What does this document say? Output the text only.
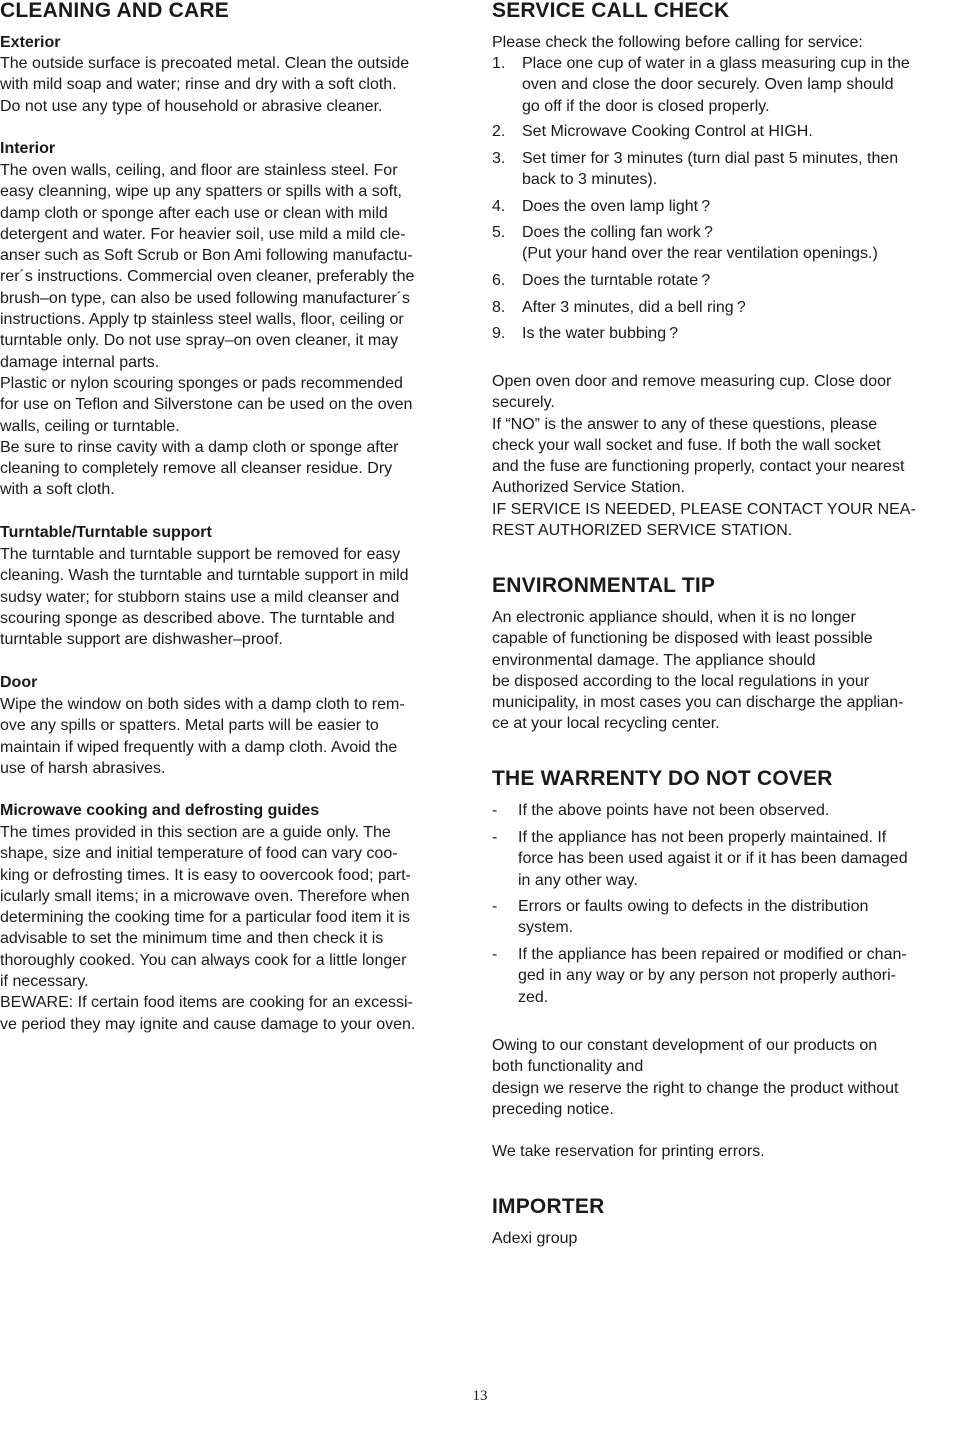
CLEANING AND CARE
Exterior
The outside surface is precoated metal. Clean the outside
with mild soap and water; rinse and dry with a soft cloth.
Do not use any type of household or abrasive cleaner.
Interior
The oven walls, ceiling, and floor are stainless steel. For
easy cleanning, wipe up any spatters or spills with a soft,
damp cloth or sponge after each use or clean with mild
detergent and water. For heavier soil, use mild a mild cle-
anser such as Soft Scrub or Bon Ami following manufactu-
rer´s instructions. Commercial oven cleaner, preferably the
brush–on type, can also be used following manufacturer´s
instructions. Apply tp stainless steel walls, floor, ceiling or
turntable only. Do not use spray–on oven cleaner, it may
damage internal parts.
Plastic or nylon scouring sponges or pads recommended
for use on Teflon and Silverstone can be used on the oven
walls, ceiling or turntable.
Be sure to rinse cavity with a damp cloth or sponge after
cleaning to completely remove all cleanser residue. Dry
with a soft cloth.
Turntable/Turntable support
The turntable and turntable support be removed for easy
cleaning. Wash the turntable and turntable support in mild
sudsy water; for stubborn stains use a mild cleanser and
scouring sponge as described above. The turntable and
turntable support are dishwasher–proof.
Door
Wipe the window on both sides with a damp cloth to rem-
ove any spills or spatters. Metal parts will be easier to
maintain if wiped frequently with a damp cloth. Avoid the
use of harsh abrasives.
Microwave cooking and defrosting guides
The times provided in this section are a guide only. The
shape, size and initial temperature of food can vary coo-
king or defrosting times. It is easy to oovercook food; part-
icularly small items; in a microwave oven. Therefore when
determining the cooking time for a particular food item it is
advisable to set the minimum time and then check it is
thoroughly cooked. You can always cook for a little longer
if necessary.
BEWARE: If certain food items are cooking for an excessi-
ve period they may ignite and cause damage to your oven.
SERVICE CALL CHECK
Please check the following before calling for service:
1. Place one cup of water in a glass measuring cup in the
oven and close the door securely. Oven lamp should
go off if the door is closed properly.
2. Set Microwave Cooking Control at HIGH.
3. Set timer for 3 minutes (turn dial past 5 minutes, then
back to 3 minutes).
4. Does the oven lamp light ?
5. Does the colling fan work ?
(Put your hand over the rear ventilation openings.)
6. Does the turntable rotate ?
8. After 3 minutes, did a bell ring ?
9. Is the water bubbing ?
Open oven door and remove measuring cup. Close door
securely.
If “NO” is the answer to any of these questions, please
check your wall socket and fuse. If both the wall socket
and the fuse are functioning properly, contact your nearest
Authorized Service Station.
IF SERVICE IS NEEDED, PLEASE CONTACT YOUR NEA-
REST AUTHORIZED SERVICE STATION.
ENVIRONMENTAL TIP
An electronic appliance should, when it is no longer
capable of functioning be disposed with least possible
environmental damage. The appliance should
be disposed according to the local regulations in your
municipality, in most cases you can discharge the applian-
ce at your local recycling center.
THE WARRENTY DO NOT COVER
- If the above points have not been observed.
- If the appliance has not been properly maintained. If
force has been used agaist it or if it has been damaged
in any other way.
- Errors or faults owing to defects in the distribution
system.
- If the appliance has been repaired or modified or chan-
ged in any way or by any person not properly authori-
zed.
Owing to our constant development of our products on
both functionality and
design we reserve the right to change the product without
preceding notice.
We take reservation for printing errors.
IMPORTER
Adexi group
13
